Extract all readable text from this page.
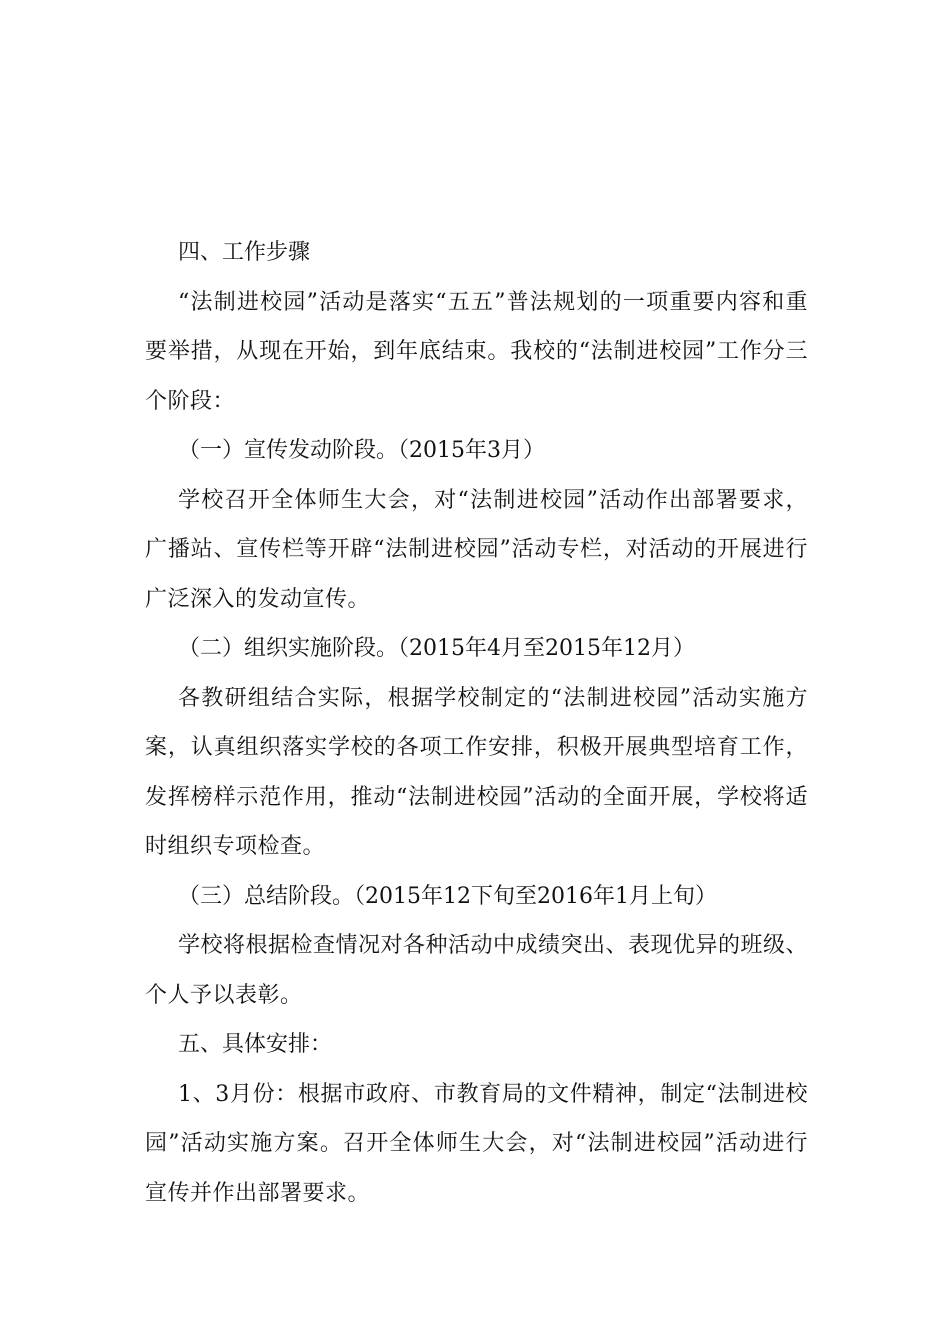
四、工作步骤

“法制进校园”活动是落实“五五”普法规划的一项重要内容和重要举措，从现在开始，到年底结束。我校的“法制进校园”工作分三个阶段：

（一）宣传发动阶段。（2015年3月）

学校召开全体师生大会，对“法制进校园”活动作出部署要求，广播站、宣传栏等开辟“法制进校园”活动专栏，对活动的开展进行广泛深入的发动宣传。

（二）组织实施阶段。（2015年4月至2015年12月）

各教研组结合实际，根据学校制定的“法制进校园”活动实施方案，认真组织落实学校的各项工作安排，积极开展典型培育工作，发挥榜样示范作用，推动“法制进校园”活动的全面开展，学校将适时组织专项检查。

（三）总结阶段。（2015年12下旬至2016年1月上旬）

学校将根据检查情况对各种活动中成绩突出、表现优异的班级、个人予以表彰。

五、具体安排：

1、3月份：根据市政府、市教育局的文件精神，制定“法制进校园”活动实施方案。召开全体师生大会，对“法制进校园”活动进行宣传并作出部署要求。
